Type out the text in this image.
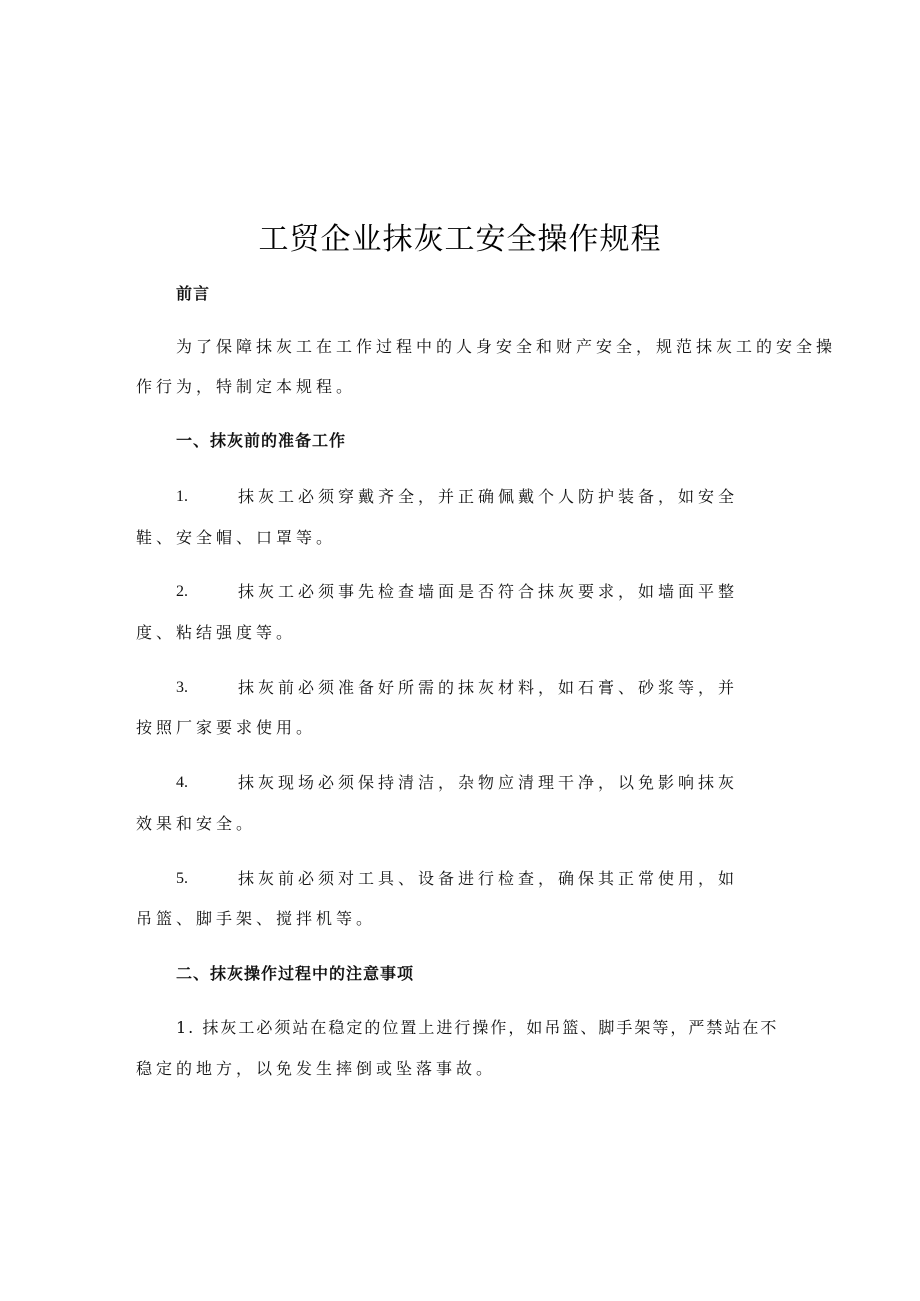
工贸企业抹灰工安全操作规程
前言
为了保障抹灰工在工作过程中的人身安全和财产安全，规范抹灰工的安全操
作行为，特制定本规程。
一、抹灰前的准备工作
1.	抹灰工必须穿戴齐全，并正确佩戴个人防护装备，如安全
鞋、安全帽、口罩等。
2.	抹灰工必须事先检查墙面是否符合抹灰要求，如墙面平整
度、粘结强度等。
3.	抹灰前必须准备好所需的抹灰材料，如石膏、砂浆等，并
按照厂家要求使用。
4.	抹灰现场必须保持清洁，杂物应清理干净，以免影响抹灰
效果和安全。
5.	抹灰前必须对工具、设备进行检查，确保其正常使用，如
吊篮、脚手架、搅拌机等。
二、抹灰操作过程中的注意事项
1. 抹灰工必须站在稳定的位置上进行操作，如吊篮、脚手架等，严禁站在不
稳定的地方，以免发生摔倒或坠落事故。
